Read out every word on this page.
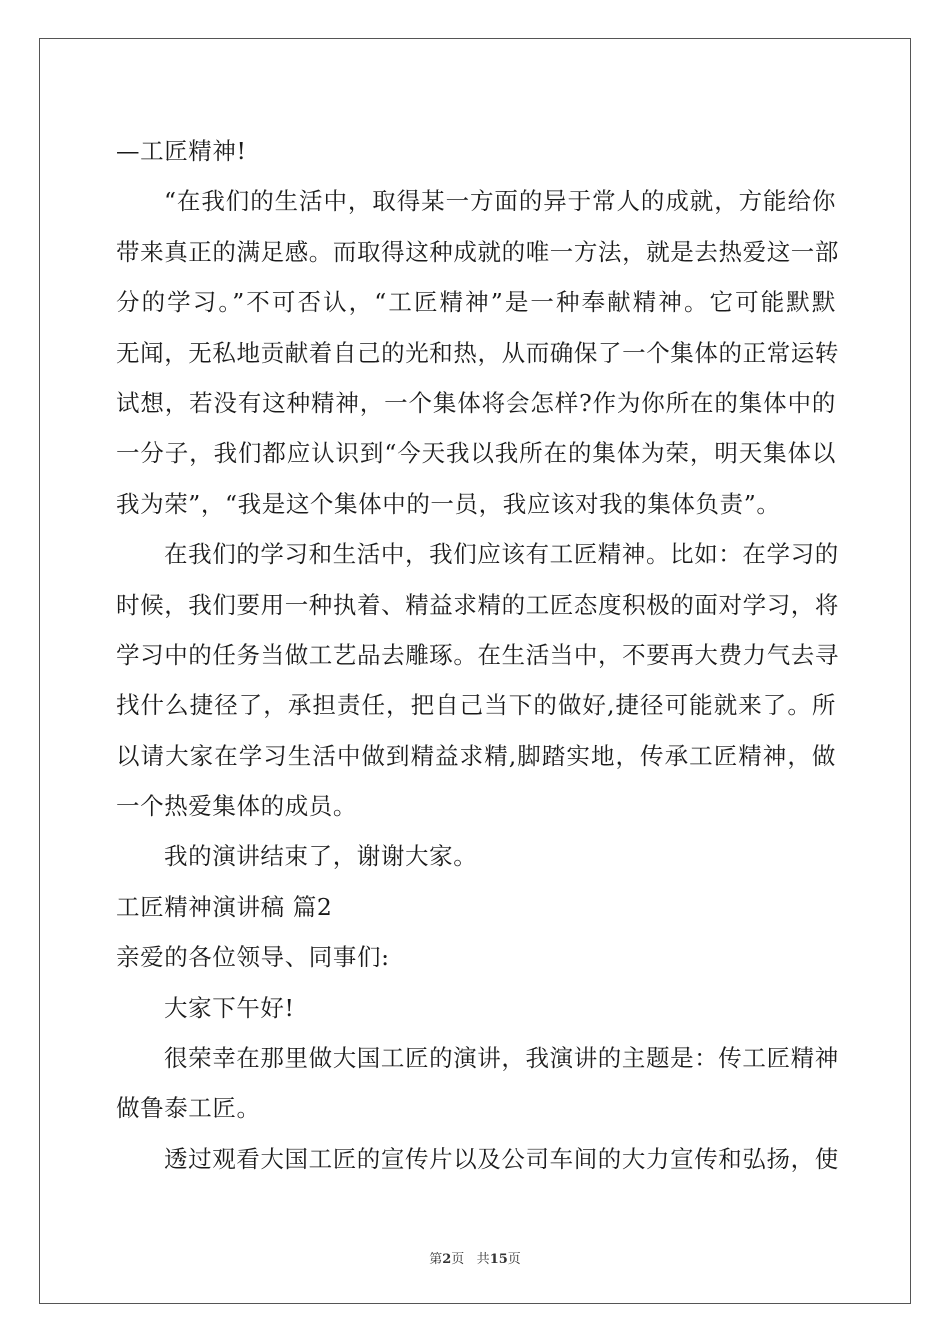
—工匠精神!
“在我们的生活中，取得某一方面的异于常人的成就，方能给你
带来真正的满足感。而取得这种成就的唯一方法，就是去热爱这一部
分的学习。”不可否认，“工匠精神”是一种奉献精神。它可能默默
无闻，无私地贡献着自己的光和热，从而确保了一个集体的正常运转
试想，若没有这种精神，一个集体将会怎样?作为你所在的集体中的
一分子，我们都应认识到“今天我以我所在的集体为荣，明天集体以
我为荣”，“我是这个集体中的一员，我应该对我的集体负责”。
在我们的学习和生活中，我们应该有工匠精神。比如：在学习的
时候，我们要用一种执着、精益求精的工匠态度积极的面对学习，将
学习中的任务当做工艺品去雕琢。在生活当中，不要再大费力气去寻
找什么捷径了，承担责任，把自己当下的做好,捷径可能就来了。所
以请大家在学习生活中做到精益求精,脚踏实地，传承工匠精神，做
一个热爱集体的成员。
我的演讲结束了，谢谢大家。
工匠精神演讲稿 篇2
亲爱的各位领导、同事们:
大家下午好!
很荣幸在那里做大国工匠的演讲，我演讲的主题是：传工匠精神
做鲁泰工匠。
透过观看大国工匠的宣传片以及公司车间的大力宣传和弘扬，使
第2页 共15页
